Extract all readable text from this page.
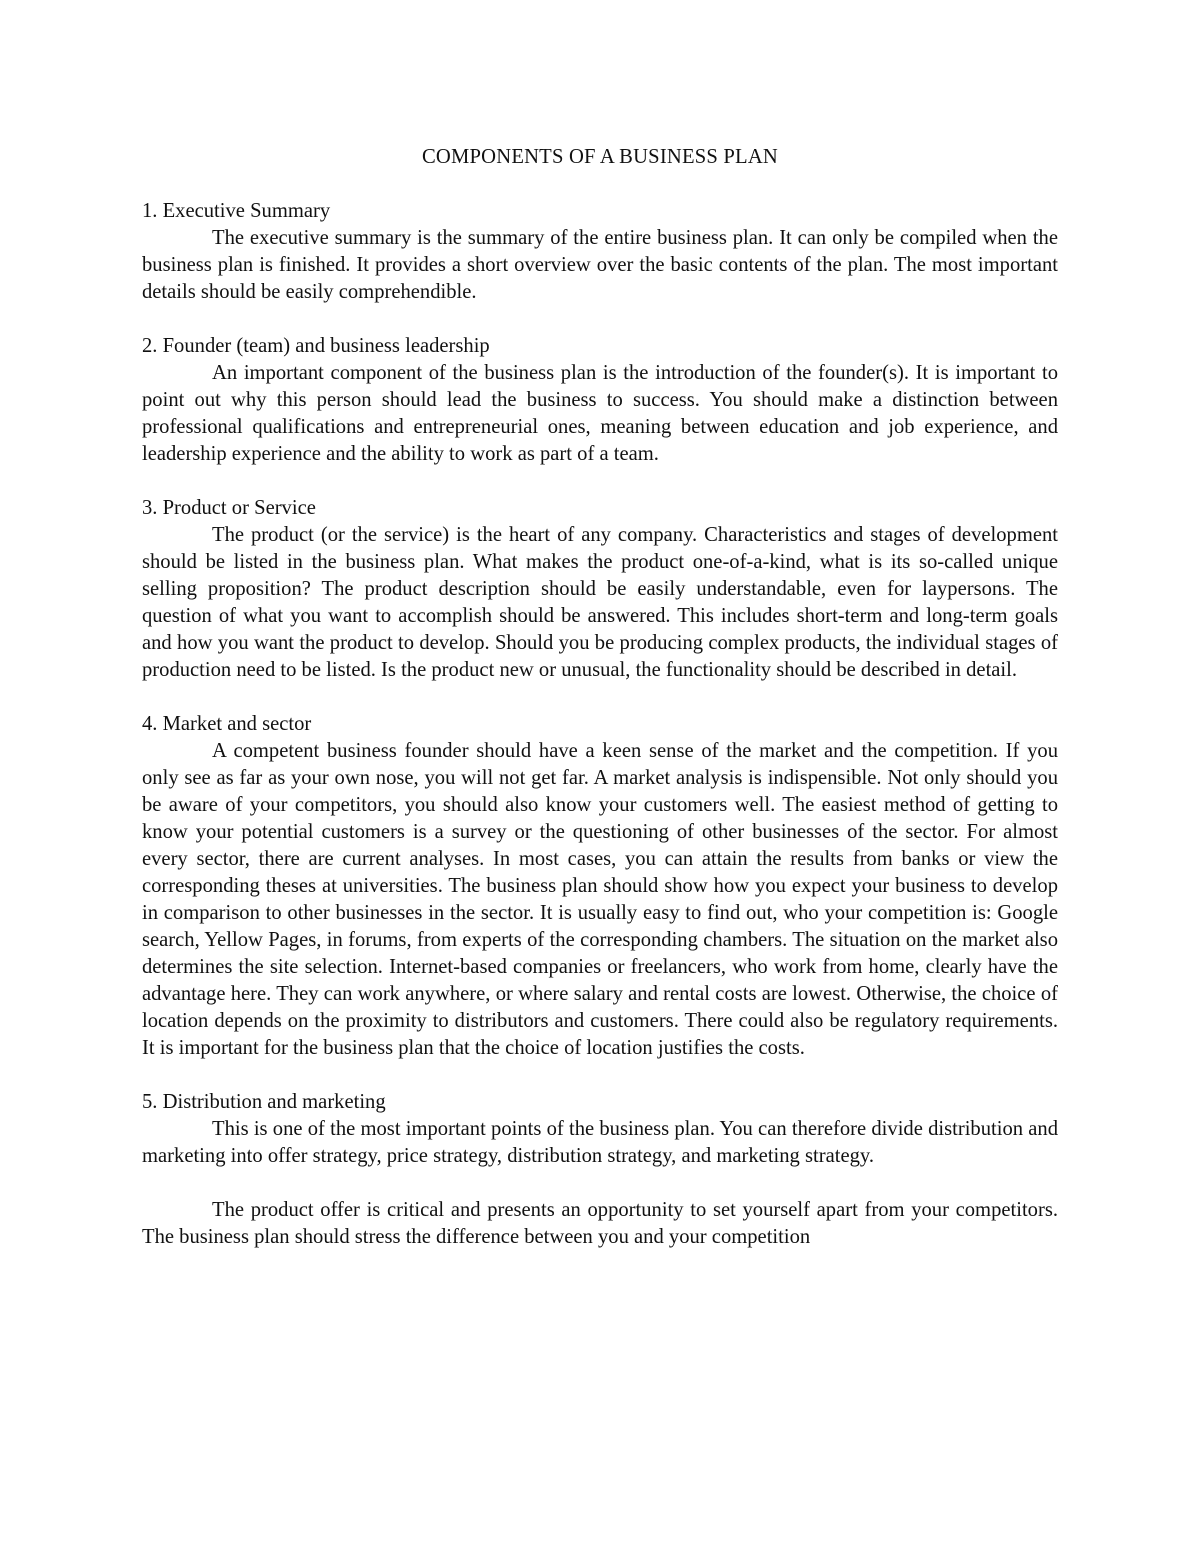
COMPONENTS OF A BUSINESS PLAN
1. Executive Summary

The executive summary is the summary of the entire business plan. It can only be compiled when the business plan is finished. It provides a short overview over the basic contents of the plan. The most important details should be easily comprehendible.

2. Founder (team) and business leadership

An important component of the business plan is the introduction of the founder(s). It is important to point out why this person should lead the business to success. You should make a distinction between professional qualifications and entrepreneurial ones, meaning between education and job experience, and leadership experience and the ability to work as part of a team.

3. Product or Service

The product (or the service) is the heart of any company. Characteristics and stages of development should be listed in the business plan. What makes the product one-of-a-kind, what is its so-called unique selling proposition? The product description should be easily understandable, even for laypersons. The question of what you want to accomplish should be answered. This includes short-term and long-term goals and how you want the product to develop. Should you be producing complex products, the individual stages of production need to be listed. Is the product new or unusual, the functionality should be described in detail.

4. Market and sector

A competent business founder should have a keen sense of the market and the competition. If you only see as far as your own nose, you will not get far. A market analysis is indispensible. Not only should you be aware of your competitors, you should also know your customers well. The easiest method of getting to know your potential customers is a survey or the questioning of other businesses of the sector. For almost every sector, there are current analyses. In most cases, you can attain the results from banks or view the corresponding theses at universities. The business plan should show how you expect your business to develop in comparison to other businesses in the sector. It is usually easy to find out, who your competition is: Google search, Yellow Pages, in forums, from experts of the corresponding chambers. The situation on the market also determines the site selection. Internet-based companies or freelancers, who work from home, clearly have the advantage here. They can work anywhere, or where salary and rental costs are lowest. Otherwise, the choice of location depends on the proximity to distributors and customers. There could also be regulatory requirements. It is important for the business plan that the choice of location justifies the costs.

5. Distribution and marketing

This is one of the most important points of the business plan. You can therefore divide distribution and marketing into offer strategy, price strategy, distribution strategy, and marketing strategy.

The product offer is critical and presents an opportunity to set yourself apart from your competitors. The business plan should stress the difference between you and your competition
